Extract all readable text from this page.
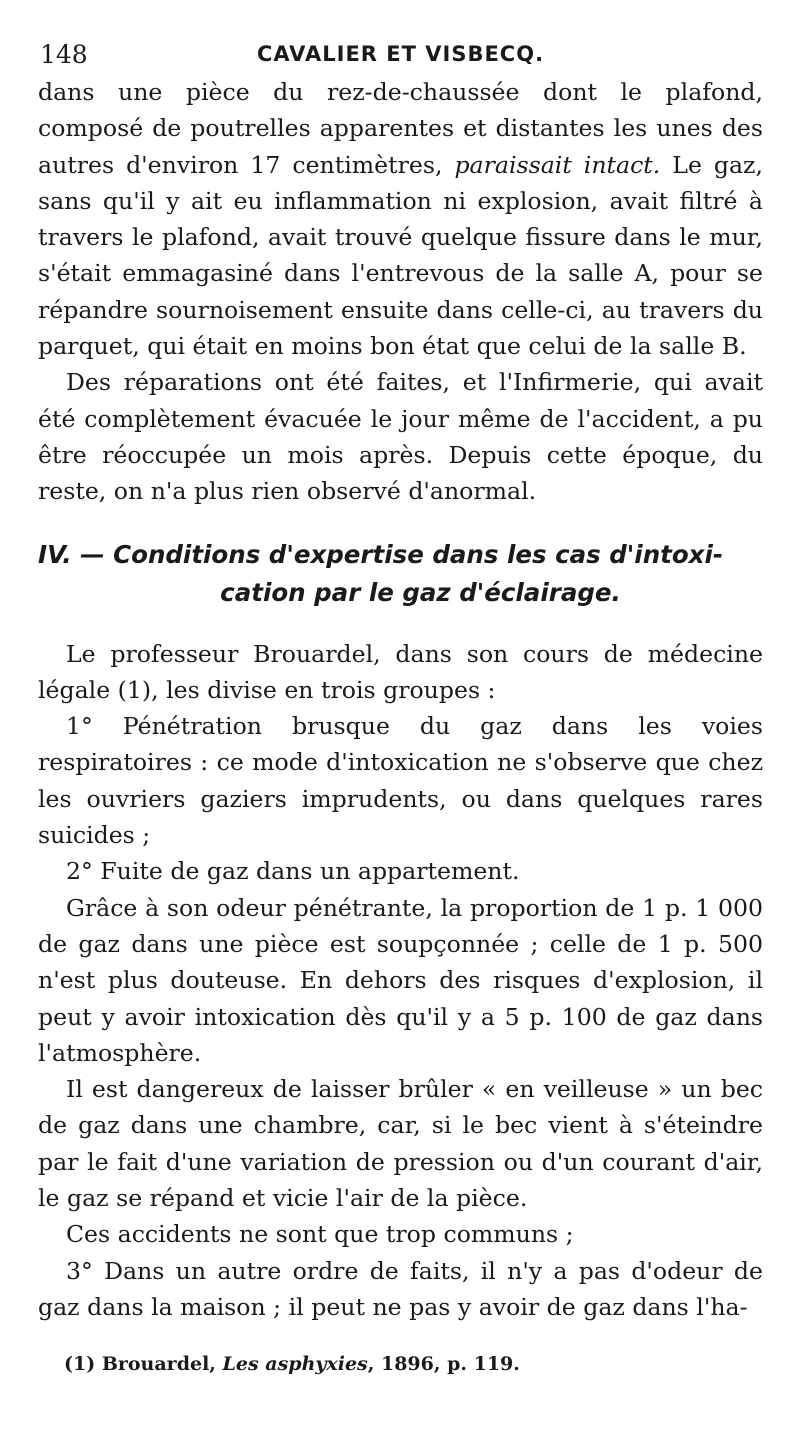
148	CAVALIER ET VISBECQ.

dans une pièce du rez-de-chaussée dont le plafond, composé de poutrelles apparentes et distantes les unes des autres d'environ 17 centimètres, paraissait intact. Le gaz, sans qu'il y ait eu inflammation ni explosion, avait filtré à travers le plafond, avait trouvé quelque fissure dans le mur, s'était emmagasiné dans l'entrevous de la salle A, pour se répandre sournoisement ensuite dans celle-ci, au travers du parquet, qui était en moins bon état que celui de la salle B.

Des réparations ont été faites, et l'Infirmerie, qui avait été complètement évacuée le jour même de l'accident, a pu être réoccupée un mois après. Depuis cette époque, du reste, on n'a plus rien observé d'anormal.

IV. — Conditions d'expertise dans les cas d'intoxi-
cation par le gaz d'éclairage.

Le professeur Brouardel, dans son cours de médecine légale (1), les divise en trois groupes :

1° Pénétration brusque du gaz dans les voies respiratoires : ce mode d'intoxication ne s'observe que chez les ouvriers gaziers imprudents, ou dans quelques rares suicides ;

2° Fuite de gaz dans un appartement.

Grâce à son odeur pénétrante, la proportion de 1 p. 1 000 de gaz dans une pièce est soupçonnée ; celle de 1 p. 500 n'est plus douteuse. En dehors des risques d'explosion, il peut y avoir intoxication dès qu'il y a 5 p. 100 de gaz dans l'atmosphère.

Il est dangereux de laisser brûler « en veilleuse » un bec de gaz dans une chambre, car, si le bec vient à s'éteindre par le fait d'une variation de pression ou d'un courant d'air, le gaz se répand et vicie l'air de la pièce.

Ces accidents ne sont que trop communs ;

3° Dans un autre ordre de faits, il n'y a pas d'odeur de gaz dans la maison ; il peut ne pas y avoir de gaz dans l'ha-

(1) Brouardel, Les asphyxies, 1896, p. 119.
